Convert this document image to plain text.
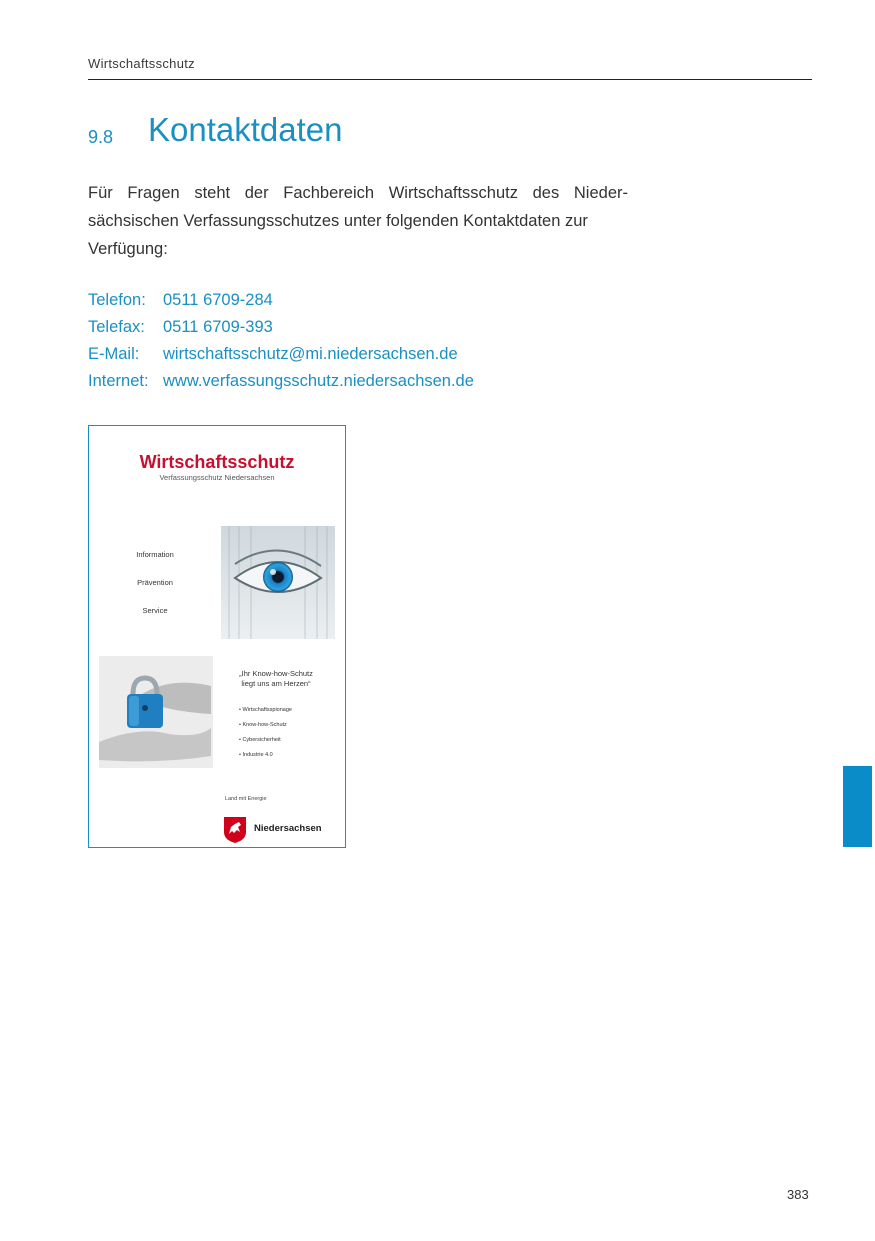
Wirtschaftsschutz
9.8 Kontaktdaten

Für Fragen steht der Fachbereich Wirtschaftsschutz des Nieder-
sächsischen Verfassungsschutzes unter folgenden Kontaktdaten zur
Verfügung:

Telefon:	0511 6709-284
Telefax:	0511 6709-393
E-Mail:	wirtschaftsschutz@mi.niedersachsen.de
Internet: www.verfassungsschutz.niedersachsen.de
Wirtschaftsschutz
Verfassungsschutz Niedersachsen
Information
Prävention
Service
„Ihr Know-how-Schutz
liegt uns am Herzen“
• Wirtschaftsspionage
• Know-how-Schutz
• Cybersicherheit
• Industrie 4.0
Land mit Energie
Niedersachsen
383
